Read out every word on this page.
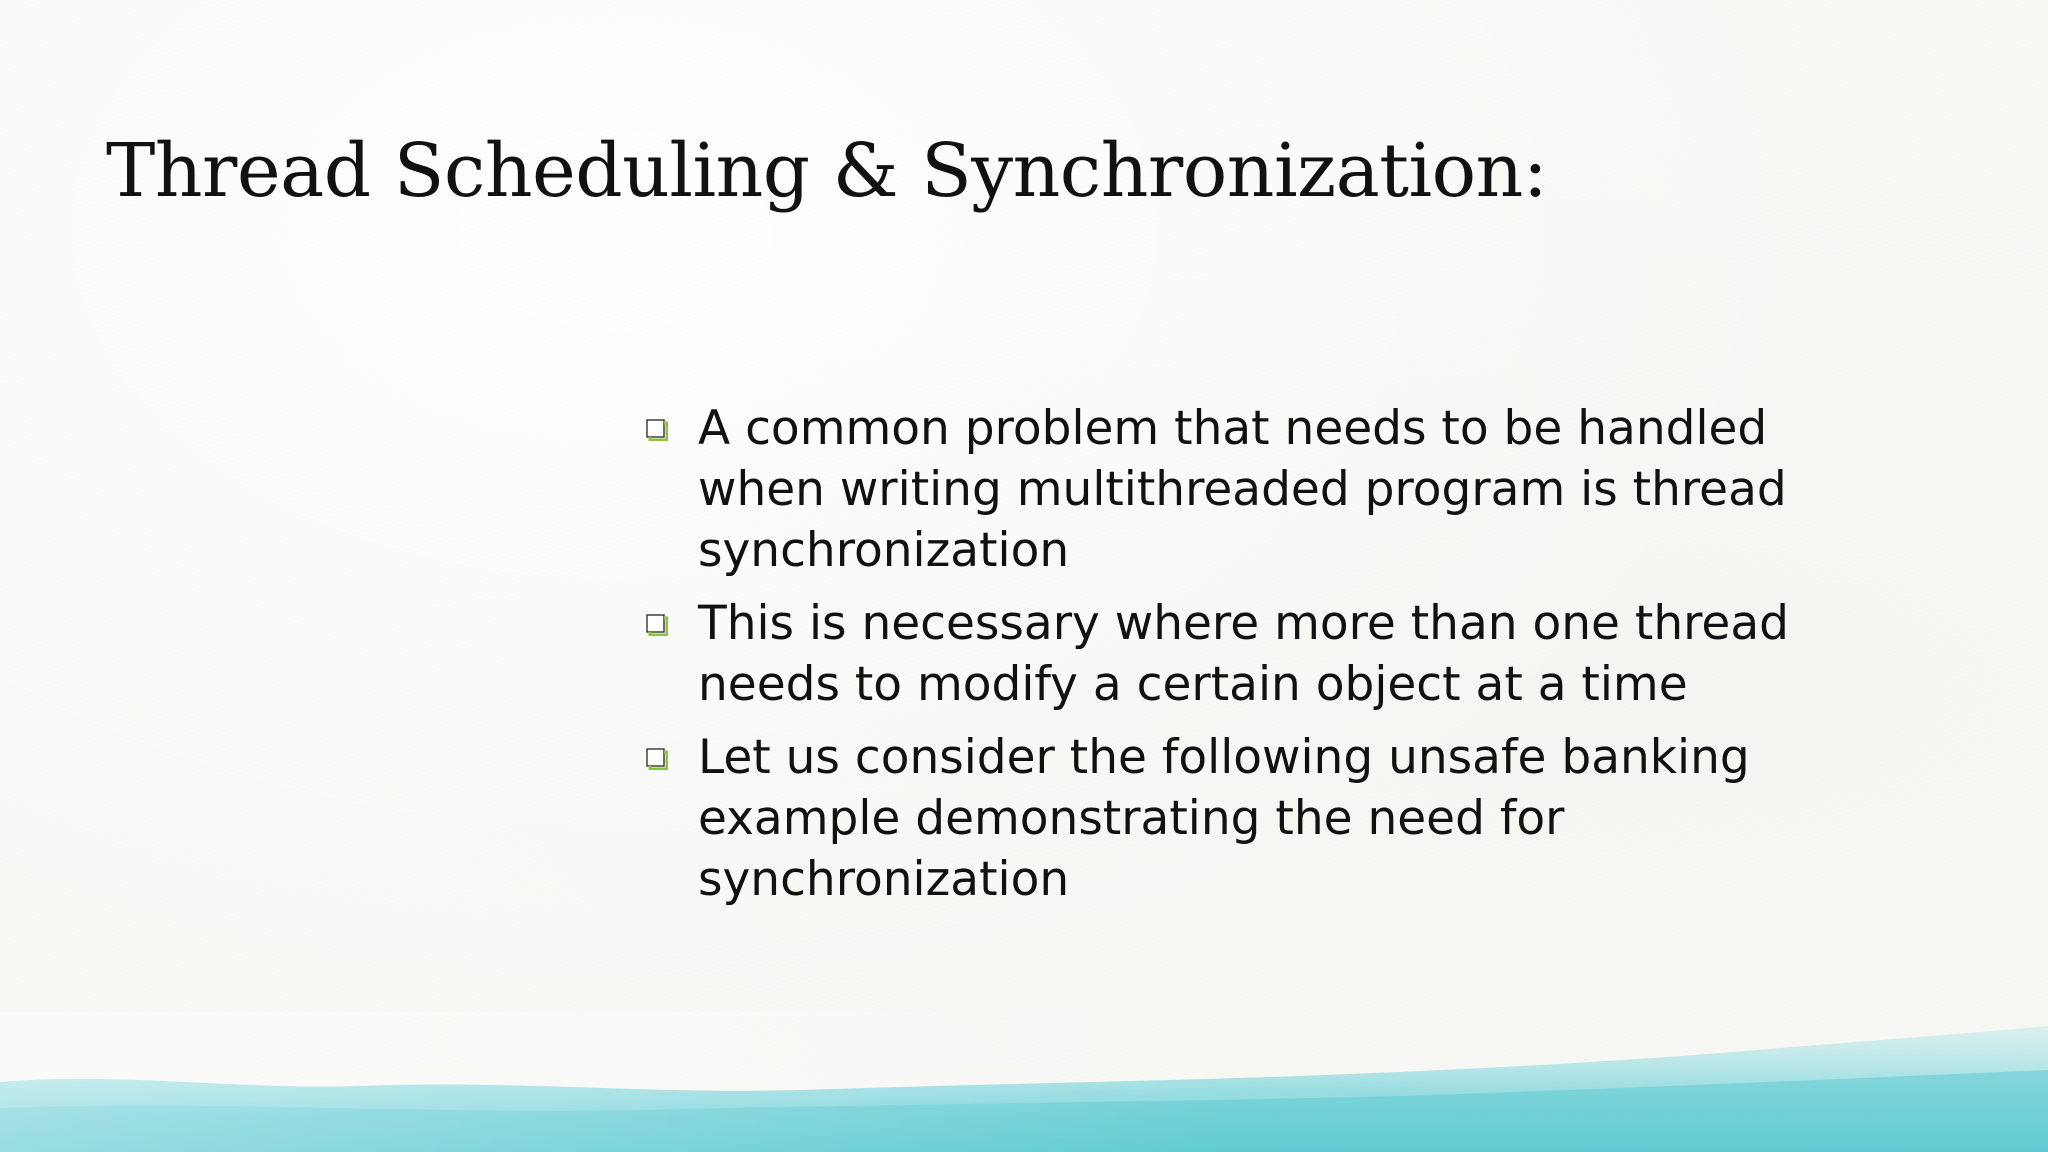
Thread Scheduling & Synchronization:
A common problem that needs to be handled when writing multithreaded program is thread synchronization
This is necessary where more than one thread needs to modify a certain object at a time
Let us consider the following unsafe banking example demonstrating the need for synchronization
